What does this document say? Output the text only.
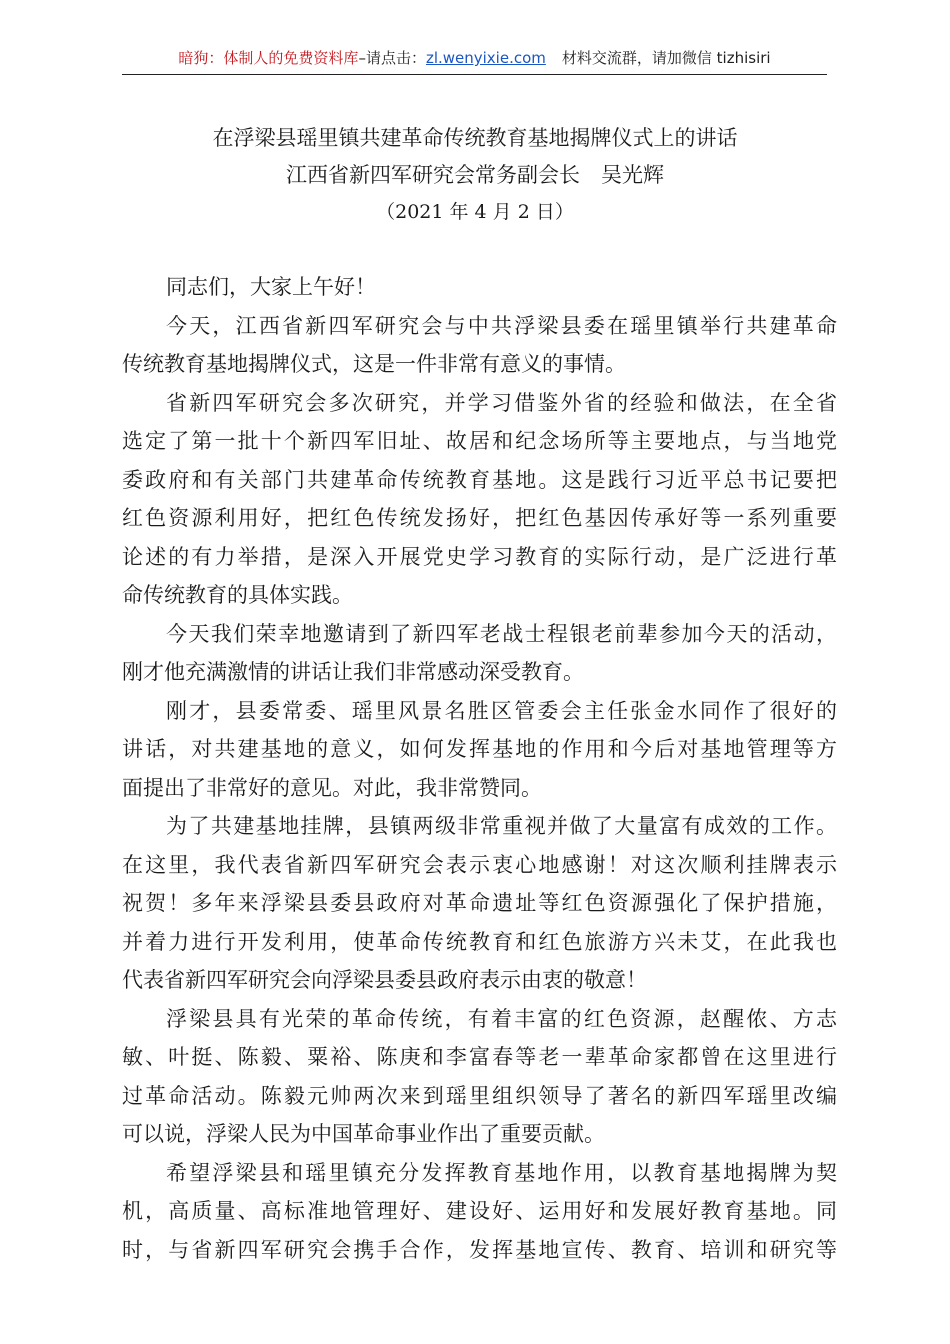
暗狗：体制人的免费资料库–请点击：zl.wenyixie.com 材料交流群，请加微信 tizhisiri
在浮梁县瑶里镇共建革命传统教育基地揭牌仪式上的讲话
江西省新四军研究会常务副会长　吴光辉
（2021 年 4 月 2 日）
同志们，大家上午好！
今天，江西省新四军研究会与中共浮梁县委在瑶里镇举行共建革命
传统教育基地揭牌仪式，这是一件非常有意义的事情。
省新四军研究会多次研究，并学习借鉴外省的经验和做法，在全省
选定了第一批十个新四军旧址、故居和纪念场所等主要地点，与当地党
委政府和有关部门共建革命传统教育基地。这是践行习近平总书记要把
红色资源利用好，把红色传统发扬好，把红色基因传承好等一系列重要
论述的有力举措，是深入开展党史学习教育的实际行动，是广泛进行革
命传统教育的具体实践。
今天我们荣幸地邀请到了新四军老战士程银老前辈参加今天的活动，
刚才他充满激情的讲话让我们非常感动深受教育。
刚才，县委常委、瑶里风景名胜区管委会主任张金水同作了很好的
讲话，对共建基地的意义，如何发挥基地的作用和今后对基地管理等方
面提出了非常好的意见。对此，我非常赞同。
为了共建基地挂牌，县镇两级非常重视并做了大量富有成效的工作。
在这里，我代表省新四军研究会表示衷心地感谢！对这次顺利挂牌表示
祝贺！多年来浮梁县委县政府对革命遗址等红色资源强化了保护措施，
并着力进行开发利用，使革命传统教育和红色旅游方兴未艾，在此我也
代表省新四军研究会向浮梁县委县政府表示由衷的敬意！
浮梁县具有光荣的革命传统，有着丰富的红色资源，赵醒侬、方志
敏、叶挺、陈毅、粟裕、陈庚和李富春等老一辈革命家都曾在这里进行
过革命活动。陈毅元帅两次来到瑶里组织领导了著名的新四军瑶里改编
可以说，浮梁人民为中国革命事业作出了重要贡献。
希望浮梁县和瑶里镇充分发挥教育基地作用，以教育基地揭牌为契
机，高质量、高标准地管理好、建设好、运用好和发展好教育基地。同
时，与省新四军研究会携手合作，发挥基地宣传、教育、培训和研究等
